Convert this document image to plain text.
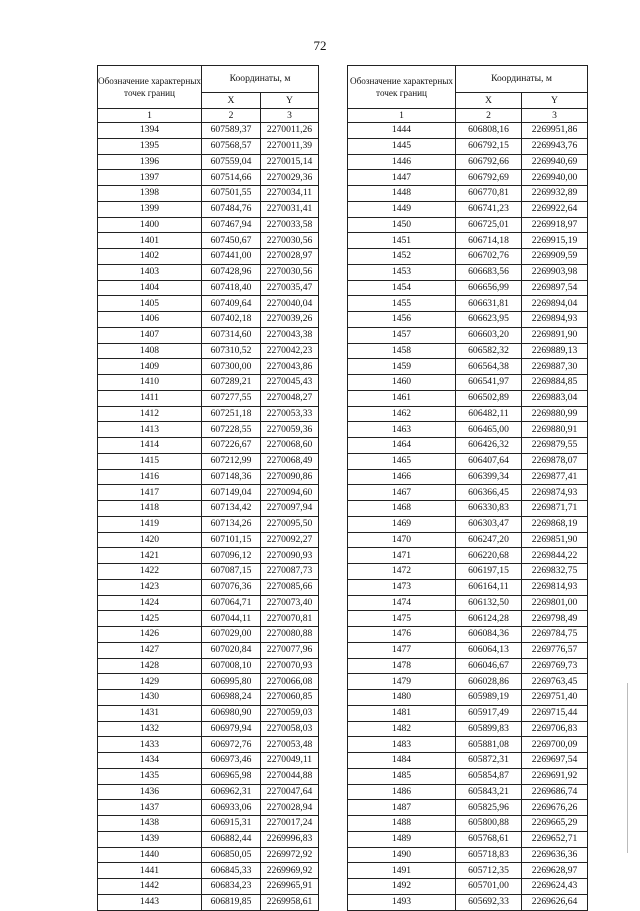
72
Обозначение характерных точек границ	Координаты, м	
	X	Y
1	2	3
1394	607589,37	2270011,26
1395	607568,57	2270011,39
1396	607559,04	2270015,14
1397	607514,66	2270029,36
1398	607501,55	2270034,11
1399	607484,76	2270031,41
1400	607467,94	2270033,58
1401	607450,67	2270030,56
1402	607441,00	2270028,97
1403	607428,96	2270030,56
1404	607418,40	2270035,47
1405	607409,64	2270040,04
1406	607402,18	2270039,26
1407	607314,60	2270043,38
1408	607310,52	2270042,23
1409	607300,00	2270043,86
1410	607289,21	2270045,43
1411	607277,55	2270048,27
1412	607251,18	2270053,33
1413	607228,55	2270059,36
1414	607226,67	2270068,60
1415	607212,99	2270068,49
1416	607148,36	2270090,86
1417	607149,04	2270094,60
1418	607134,42	2270097,94
1419	607134,26	2270095,50
1420	607101,15	2270092,27
1421	607096,12	2270090,93
1422	607087,15	2270087,73
1423	607076,36	2270085,66
1424	607064,71	2270073,40
1425	607044,11	2270070,81
1426	607029,00	2270080,88
1427	607020,84	2270077,96
1428	607008,10	2270070,93
1429	606995,80	2270066,08
1430	606988,24	2270060,85
1431	606980,90	2270059,03
1432	606979,94	2270058,03
1433	606972,76	2270053,48
1434	606973,46	2270049,11
1435	606965,98	2270044,88
1436	606962,31	2270047,64
1437	606933,06	2270028,94
1438	606915,31	2270017,24
1439	606882,44	2269996,83
1440	606850,05	2269972,92
1441	606845,33	2269969,92
1442	606834,23	2269965,91
1443	606819,85	2269958,61
Обозначение характерных точек границ	Координаты, м	
	X	Y
1	2	3
1444	606808,16	2269951,86
1445	606792,15	2269943,76
1446	606792,66	2269940,69
1447	606792,69	2269940,00
1448	606770,81	2269932,89
1449	606741,23	2269922,64
1450	606725,01	2269918,97
1451	606714,18	2269915,19
1452	606702,76	2269909,59
1453	606683,56	2269903,98
1454	606656,99	2269897,54
1455	606631,81	2269894,04
1456	606623,95	2269894,93
1457	606603,20	2269891,90
1458	606582,32	2269889,13
1459	606564,38	2269887,30
1460	606541,97	2269884,85
1461	606502,89	2269883,04
1462	606482,11	2269880,99
1463	606465,00	2269880,91
1464	606426,32	2269879,55
1465	606407,64	2269878,07
1466	606399,34	2269877,41
1467	606366,45	2269874,93
1468	606330,83	2269871,71
1469	606303,47	2269868,19
1470	606247,20	2269851,90
1471	606220,68	2269844,22
1472	606197,15	2269832,75
1473	606164,11	2269814,93
1474	606132,50	2269801,00
1475	606124,28	2269798,49
1476	606084,36	2269784,75
1477	606064,13	2269776,57
1478	606046,67	2269769,73
1479	606028,86	2269763,45
1480	605989,19	2269751,40
1481	605917,49	2269715,44
1482	605899,83	2269706,83
1483	605881,08	2269700,09
1484	605872,31	2269697,54
1485	605854,87	2269691,92
1486	605843,21	2269686,74
1487	605825,96	2269676,26
1488	605800,88	2269665,29
1489	605768,61	2269652,71
1490	605718,83	2269636,36
1491	605712,35	2269628,97
1492	605701,00	2269624,43
1493	605692,33	2269626,64
